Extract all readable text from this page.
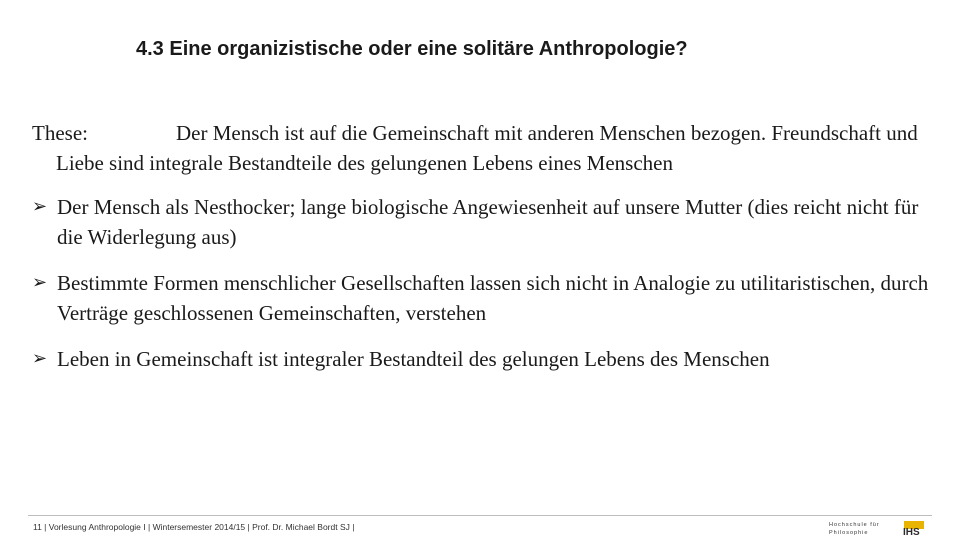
4.3 Eine organizistische oder eine solitäre Anthropologie?

These:	Der Mensch ist auf die Gemeinschaft mit anderen Menschen bezogen. Freundschaft und Liebe sind integrale Bestandteile des gelungenen Lebens eines Menschen

➢ Der Mensch als Nesthocker; lange biologische Angewiesenheit auf unsere Mutter (dies reicht nicht für die Widerlegung aus)

➢ Bestimmte Formen menschlicher Gesellschaften lassen sich nicht in Analogie zu utilitaristischen, durch Verträge geschlossenen Gemeinschaften, verstehen

➢ Leben in Gemeinschaft ist integraler Bestandteil des gelungen Lebens des Menschen

11 | Vorlesung Anthropologie I | Wintersemester 2014/15 | Prof. Dr. Michael Bordt SJ |	Hochschule für
Philosophie	IHS
